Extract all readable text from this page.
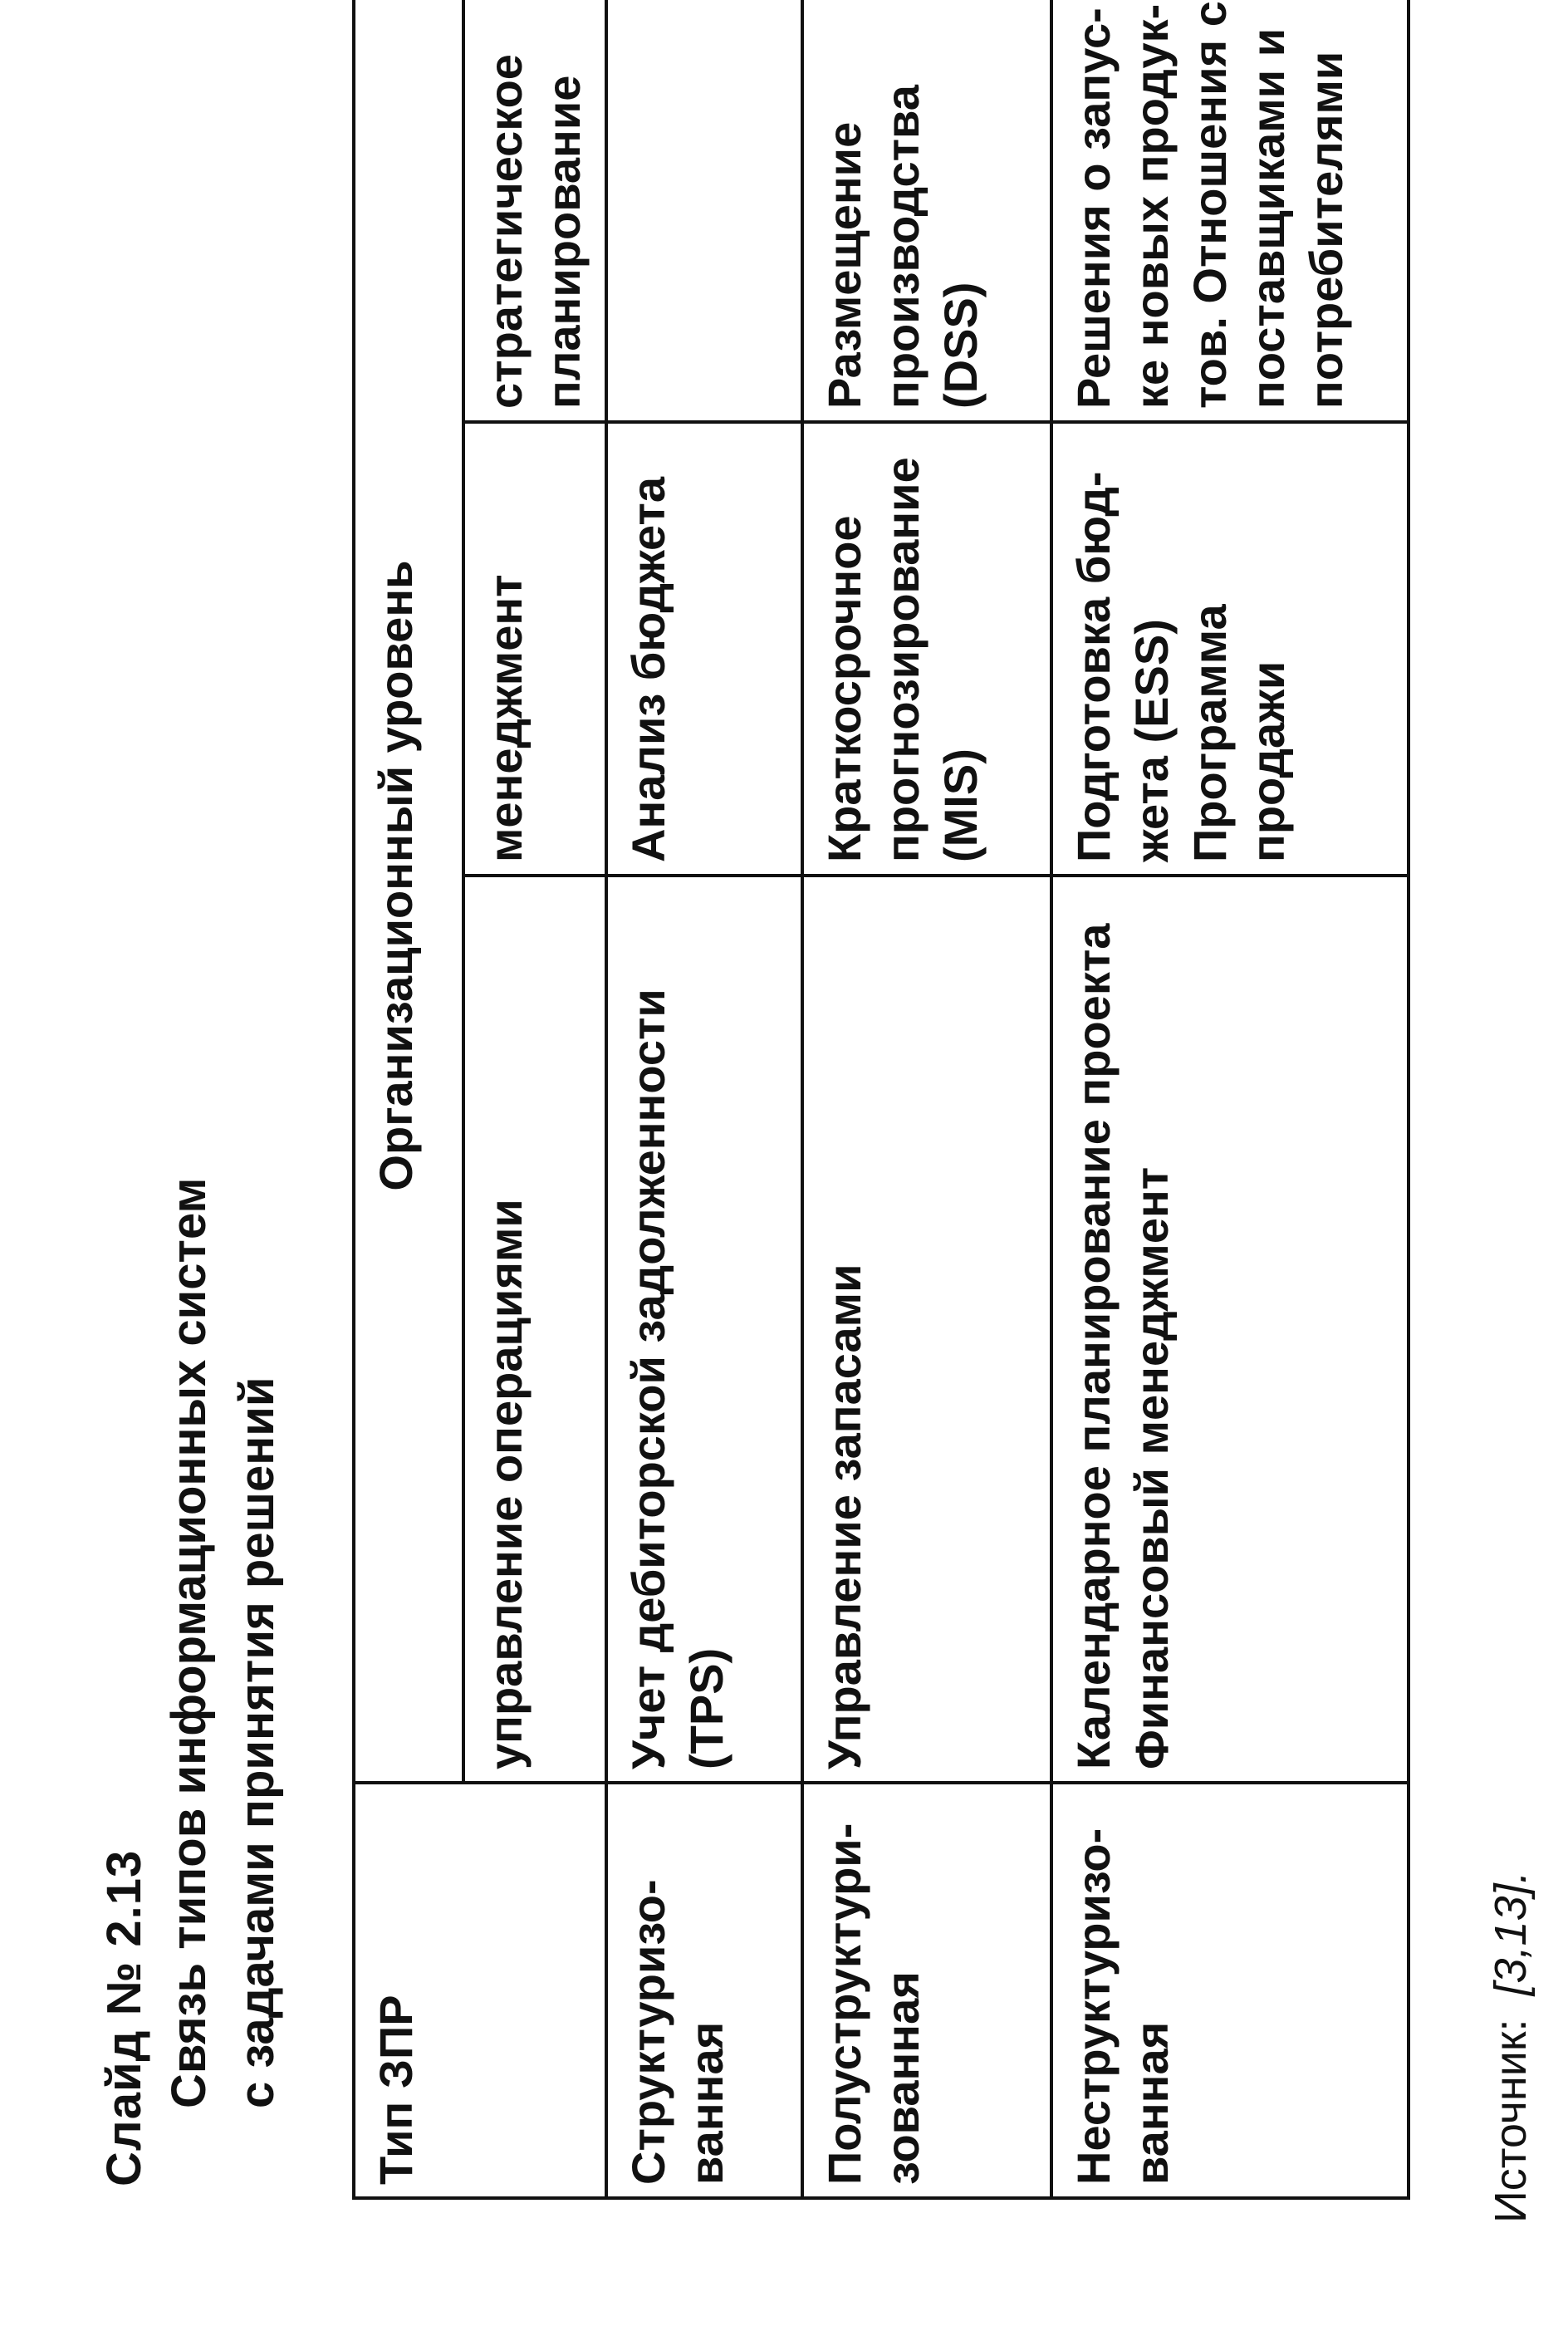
Слайд № 2.13 Связь типов информационных систем с задачами принятия решений Тип ЗПР	Организационный уровень		
	управление операциями	менеджмент	стратегическое планирование
Структуризо-ванная	Учет дебиторской задолженности (TPS)	Анализ бюджета	
Полуструктури-зованная	Управление запасами	Краткосрочное прогнозирование (MIS)	Размещение производства (DSS)
Неструктуризо-ванная	Календарное планирование проекта Финансовый менеджмент	Подготовка бюд-жета (ESS) Программа продажи	Решения о запус-ке новых продук-тов. Отношения с поставщиками и потребителями
Источник:[3,13].
